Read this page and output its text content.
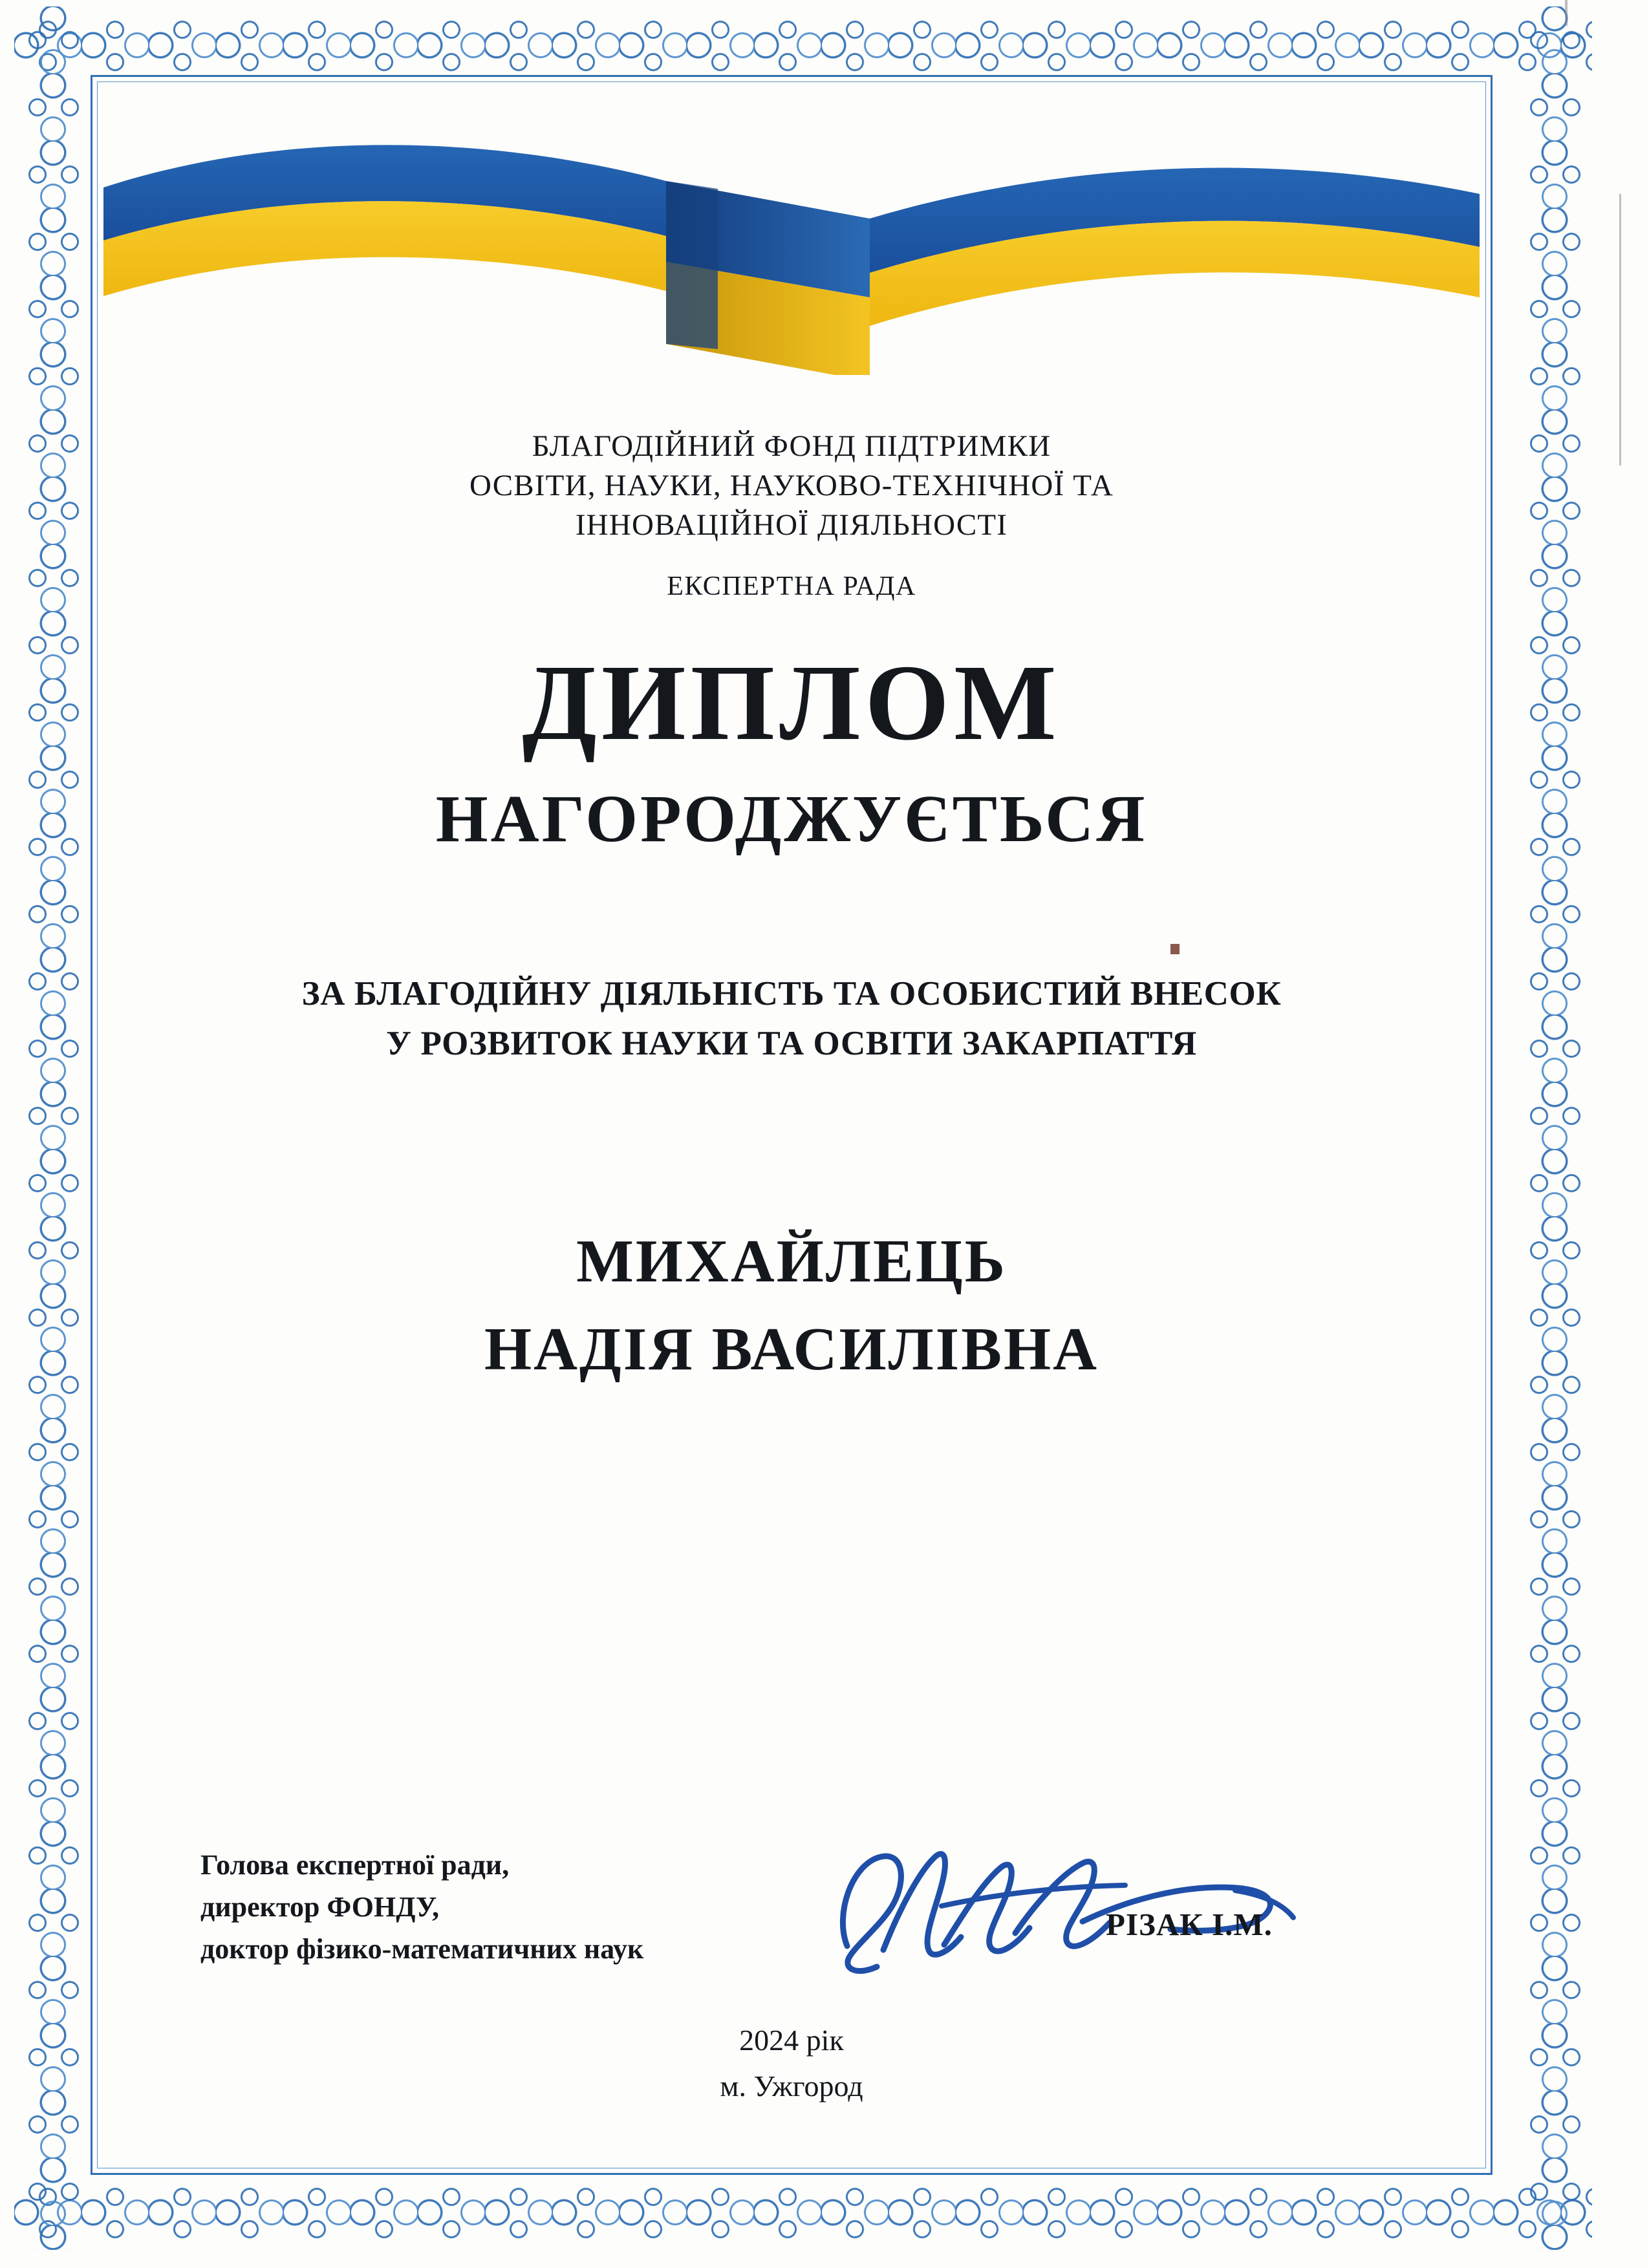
БЛАГОДІЙНИЙ ФОНД ПІДТРИМКИ
ОСВІТИ, НАУКИ, НАУКОВО-ТЕХНІЧНОЇ ТА
ІННОВАЦІЙНОЇ ДІЯЛЬНОСТІ
ЕКСПЕРТНА РАДА
ДИПЛОМ
НАГОРОДЖУЄТЬСЯ
ЗА БЛАГОДІЙНУ ДІЯЛЬНІСТЬ ТА ОСОБИСТИЙ ВНЕСОК
У РОЗВИТОК НАУКИ ТА ОСВІТИ ЗАКАРПАТТЯ
МИХАЙЛЕЦЬ
НАДІЯ ВАСИЛІВНА
Голова експертної ради,
директор ФОНДУ,
доктор фізико-математичних наук
РІЗАК І.М.
2024 рік
м. Ужгород
